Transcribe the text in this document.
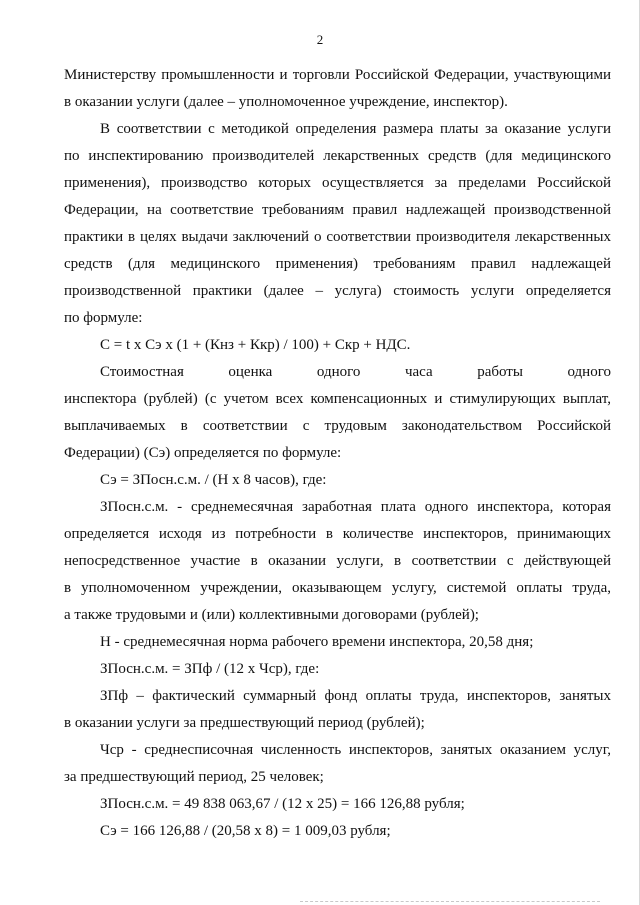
2
Министерству промышленности и торговли Российской Федерации, участвующими
в оказании услуги (далее – уполномоченное учреждение, инспектор).
В соответствии с методикой определения размера платы за оказание услуги
по инспектированию производителей лекарственных средств (для медицинского
применения), производство которых осуществляется за пределами Российской
Федерации, на соответствие требованиям правил надлежащей производственной
практики в целях выдачи заключений о соответствии производителя лекарственных
средств (для медицинского применения) требованиям правил надлежащей
производственной практики (далее – услуга) стоимость услуги определяется
по формуле:
C = t x Cэ x (1 + (Кнз + Ккр) / 100) + Скр + НДС.
Стоимостная оценка одного часа работы одного
инспектора (рублей) (с учетом всех компенсационных и стимулирующих выплат,
выплачиваемых в соответствии с трудовым законодательством Российской
Федерации) (Сэ) определяется по формуле:
Сэ = ЗПосн.с.м. / (Н х 8 часов), где:
ЗПосн.с.м. - среднемесячная заработная плата одного инспектора, которая
определяется исходя из потребности в количестве инспекторов, принимающих
непосредственное участие в оказании услуги, в соответствии с действующей
в уполномоченном учреждении, оказывающем услугу, системой оплаты труда,
а также трудовыми и (или) коллективными договорами (рублей);
Н - среднемесячная норма рабочего времени инспектора, 20,58 дня;
ЗПосн.с.м. = ЗПф / (12 х Чср), где:
ЗПф – фактический суммарный фонд оплаты труда, инспекторов, занятых
в оказании услуги за предшествующий период (рублей);
Чср - среднесписочная численность инспекторов, занятых оказанием услуг,
за предшествующий период, 25 человек;
ЗПосн.с.м. = 49 838 063,67 / (12 х 25) = 166 126,88 рубля;
Сэ = 166 126,88 / (20,58 х 8) = 1 009,03 рубля;
